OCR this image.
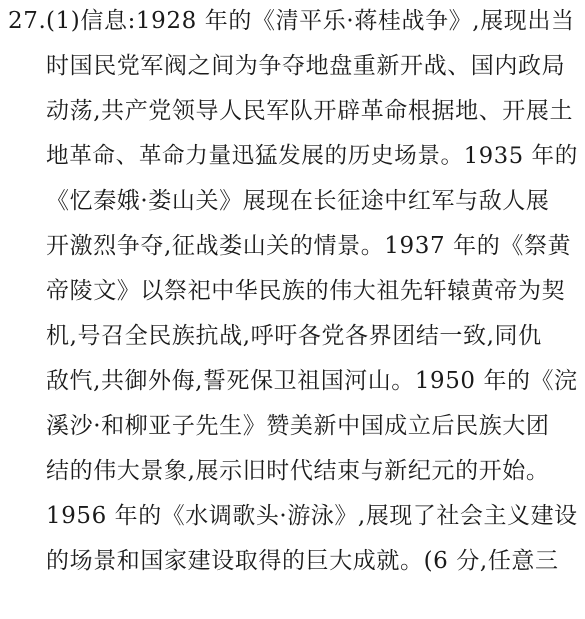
27. (1)信息:1928 年的《清平乐·蒋桂战争》,展现出当
时国民党军阀之间为争夺地盘重新开战、国内政局
动荡,共产党领导人民军队开辟革命根据地、开展土
地革命、革命力量迅猛发展的历史场景。1935 年的
《忆秦娥·娄山关》展现在长征途中红军与敌人展
开激烈争夺,征战娄山关的情景。1937 年的《祭黄
帝陵文》以祭祀中华民族的伟大祖先轩辕黄帝为契
机,号召全民族抗战,呼吁各党各界团结一致,同仇
敌忾,共御外侮,誓死保卫祖国河山。1950 年的《浣
溪沙·和柳亚子先生》赞美新中国成立后民族大团
结的伟大景象,展示旧时代结束与新纪元的开始。
1956 年的《水调歌头·游泳》,展现了社会主义建设
的场景和国家建设取得的巨大成就。(6 分,任意三
